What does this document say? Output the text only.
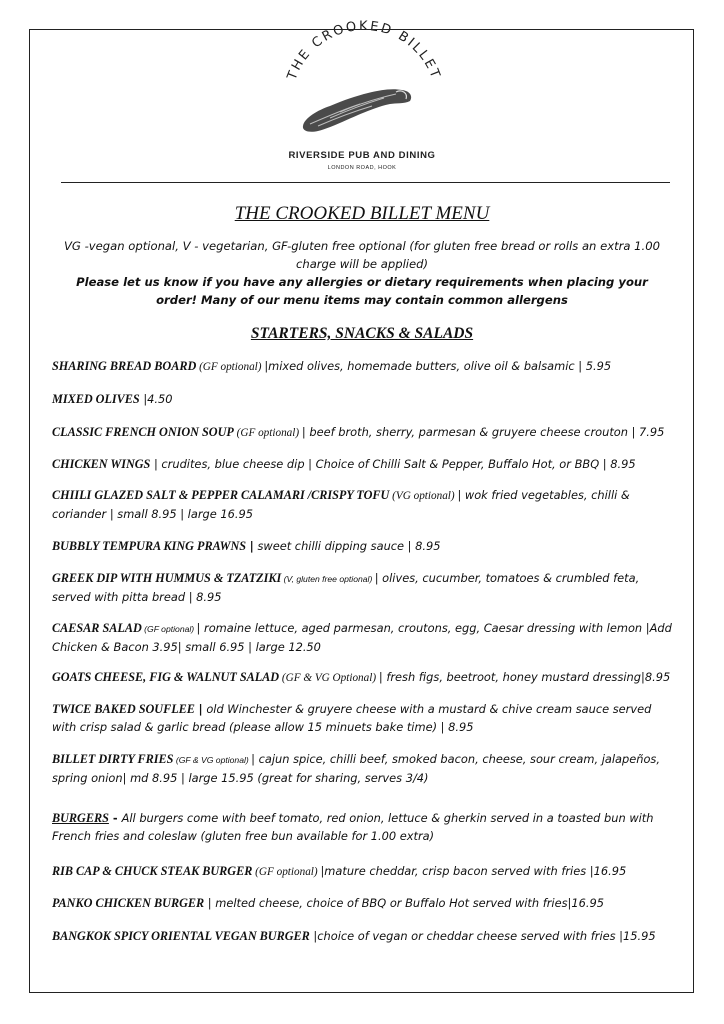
THE CROOKED BILLET
RIVERSIDE PUB AND DINING
LONDON ROAD, HOOK
THE CROOKED BILLET MENU
VG -vegan optional, V - vegetarian, GF-gluten free optional (for gluten free bread or rolls an extra 1.00 charge will be applied)
Please let us know if you have any allergies or dietary requirements when placing your order! Many of our menu items may contain common allergens
STARTERS, SNACKS & SALADS
SHARING BREAD BOARD (GF optional) |mixed olives, homemade butters, olive oil & balsamic | 5.95
MIXED OLIVES |4.50
CLASSIC FRENCH ONION SOUP (GF optional) | beef broth, sherry, parmesan & gruyere cheese crouton | 7.95
CHICKEN WINGS | crudites, blue cheese dip | Choice of Chilli Salt & Pepper, Buffalo Hot, or BBQ | 8.95
CHIILI GLAZED SALT & PEPPER CALAMARI /CRISPY TOFU (VG optional) | wok fried vegetables, chilli & coriander | small 8.95 | large 16.95
BUBBLY TEMPURA KING PRAWNS | sweet chilli dipping sauce | 8.95
GREEK DIP WITH HUMMUS & TZATZIKI (V, gluten free optional) | olives, cucumber, tomatoes & crumbled feta, served with pitta bread | 8.95
CAESAR SALAD (GF optional) | romaine lettuce, aged parmesan, croutons, egg, Caesar dressing with lemon |Add Chicken & Bacon 3.95| small 6.95 | large 12.50
GOATS CHEESE, FIG & WALNUT SALAD (GF & VG Optional) | fresh figs, beetroot, honey mustard dressing|8.95
TWICE BAKED SOUFLEE | old Winchester & gruyere cheese with a mustard & chive cream sauce served with crisp salad & garlic bread (please allow 15 minuets bake time) | 8.95
BILLET DIRTY FRIES (GF & VG optional) | cajun spice, chilli beef, smoked bacon, cheese, sour cream, jalapeños, spring onion| md 8.95 | large 15.95 (great for sharing, serves 3/4)
BURGERS - All burgers come with beef tomato, red onion, lettuce & gherkin served in a toasted bun with French fries and coleslaw (gluten free bun available for 1.00 extra)
RIB CAP & CHUCK STEAK BURGER (GF optional) |mature cheddar, crisp bacon served with fries |16.95
PANKO CHICKEN BURGER | melted cheese, choice of BBQ or Buffalo Hot served with fries|16.95
BANGKOK SPICY ORIENTAL VEGAN BURGER |choice of vegan or cheddar cheese served with fries |15.95
